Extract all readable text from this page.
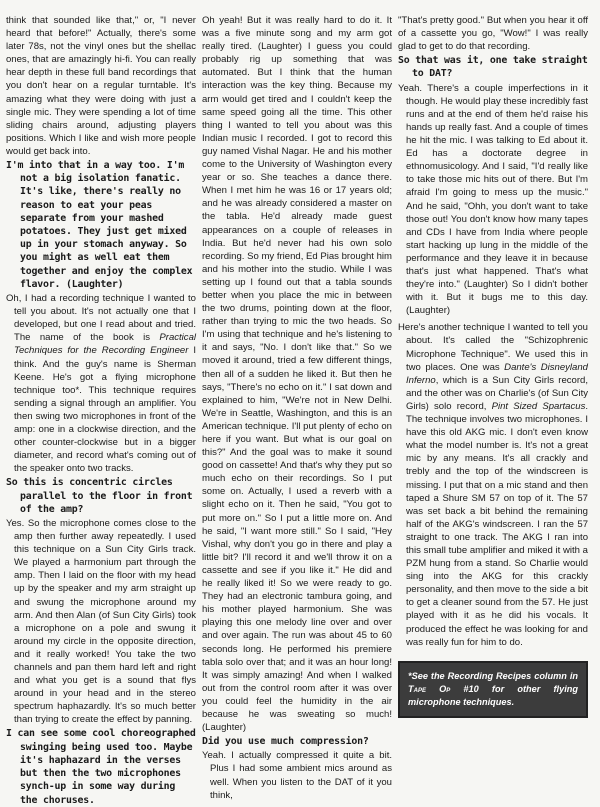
think that sounded like that," or, "I never heard that before!" Actually, there's some later 78s, not the vinyl ones but the shellac ones, that are amazingly hi-fi. You can really hear depth in these full band recordings that you don't hear on a regular turntable. It's amazing what they were doing with just a single mic. They were spending a lot of time sliding chairs around, adjusting players positions. Which I like and wish more people would get back into.

I'm into that in a way too. I'm not a big isolation fanatic. It's like, there's really no reason to eat your peas separate from your mashed potatoes. They just get mixed up in your stomach anyway. So you might as well eat them together and enjoy the complex flavor. (Laughter)

Oh, I had a recording technique I wanted to tell you about. It's not actually one that I developed, but one I read about and tried. The name of the book is Practical Techniques for the Recording Engineer I think. And the guy's name is Sherman Keene. He's got a flying microphone technique too*. This technique requires sending a signal through an amplifier. You then swing two microphones in front of the amp: one in a clockwise direction, and the other counter-clockwise but in a bigger diameter, and record what's coming out of the speaker onto two tracks.

So this is concentric circles parallel to the floor in front of the amp?

Yes. So the microphone comes close to the amp then further away repeatedly. I used this technique on a Sun City Girls track. We played a harmonium part through the amp. Then I laid on the floor with my head up by the speaker and my arm straight up and swung the microphone around my arm. And then Alan (of Sun City Girls) took a microphone on a pole and swung it around my circle in the opposite direction, and it really worked! You take the two channels and pan them hard left and right and what you get is a sound that flys around in your head and in the stereo spectrum haphazardly. It's so much better than trying to create the effect by panning.

I can see some cool choreographed swinging being used too. Maybe it's haphazard in the verses but then the two microphones synch-up in some way during the choruses.

Oh yeah! But it was really hard to do it. It was a five minute song and my arm got really tired. (Laughter) I guess you could probably rig up something that was automated. But I think that the human interaction was the key thing. Because my arm would get tired and I couldn't keep the same speed going all the time. This other thing I wanted to tell you about was this Indian music I recorded. I got to record this guy named Vishal Nagar. He and his mother come to the University of Washington every year or so. She teaches a dance there. When I met him he was 16 or 17 years old; and he was already considered a master on the tabla. He'd already made guest appearances on a couple of releases in India. But he'd never had his own solo recording. So my friend, Ed Pias brought him and his mother into the studio. While I was setting up I found out that a tabla sounds better when you place the mic in between the two drums, pointing down at the floor, rather than trying to mic the two heads. So I'm using that technique and he's listening to it and says, "No. I don't like that." So we moved it around, tried a few different things, then all of a sudden he liked it. But then he says, "There's no echo on it." I sat down and explained to him, "We're not in New Delhi. We're in Seattle, Washington, and this is an American technique. I'll put plenty of echo on here if you want. But what is our goal on this?" And the goal was to make it sound good on cassette! And that's why they put so much echo on their recordings. So I put some on. Actually, I used a reverb with a slight echo on it. Then he said, "You got to put more on." So I put a little more on. And he said, "I want more still." So I said, "Hey Vishal, why don't you go in there and play a little bit? I'll record it and we'll throw it on a cassette and see if you like it." He did and he really liked it! So we were ready to go. They had an electronic tambura going, and his mother played harmonium. She was playing this one melody line over and over and over again. The run was about 45 to 60 seconds long. He performed his premiere tabla solo over that; and it was an hour long! It was simply amazing! And when I walked out from the control room after it was over you could feel the humidity in the air because he was sweating so much! (Laughter)

Did you use much compression?

Yeah. I actually compressed it quite a bit. Plus I had some ambient mics around as well. When you listen to the DAT of it you think,

"That's pretty good." But when you hear it off of a cassette you go, "Wow!" I was really glad to get to do that recording.

So that was it, one take straight to DAT?

Yeah. There's a couple imperfections in it though. He would play these incredibly fast runs and at the end of them he'd raise his hands up really fast. And a couple of times he hit the mic. I was talking to Ed about it. Ed has a doctorate degree in ethnomusicology. And I said, "I'd really like to take those mic hits out of there. But I'm afraid I'm going to mess up the music." And he said, "Ohh, you don't want to take those out! You don't know how many tapes and CDs I have from India where people start hacking up lung in the middle of the performance and they leave it in because that's just what happened. That's what they're into." (Laughter) So I didn't bother with it. But it bugs me to this day. (Laughter)

Here's another technique I wanted to tell you about. It's called the "Schizophrenic Microphone Technique". We used this in two places. One was Dante's Disneyland Inferno, which is a Sun City Girls record, and the other was on Charlie's (of Sun City Girls) solo record, Pint Sized Spartacus. The technique involves two microphones. I have this old AKG mic. I don't even know what the model number is. It's not a great mic by any means. It's all crackly and trebly and the top of the windscreen is missing. I put that on a mic stand and then taped a Shure SM 57 on top of it. The 57 was set back a bit behind the remaining half of the AKG's windscreen. I ran the 57 straight to one track. The AKG I ran into this small tube amplifier and miked it with a PZM hung from a stand. So Charlie would sing into the AKG for this crackly personality, and then move to the side a bit to get a cleaner sound from the 57. He just played with it as he did his vocals. It produced the effect he was looking for and was really fun for him to do.

*See the Recording Recipes column in Tape Op #10 for other flying microphone techniques.
